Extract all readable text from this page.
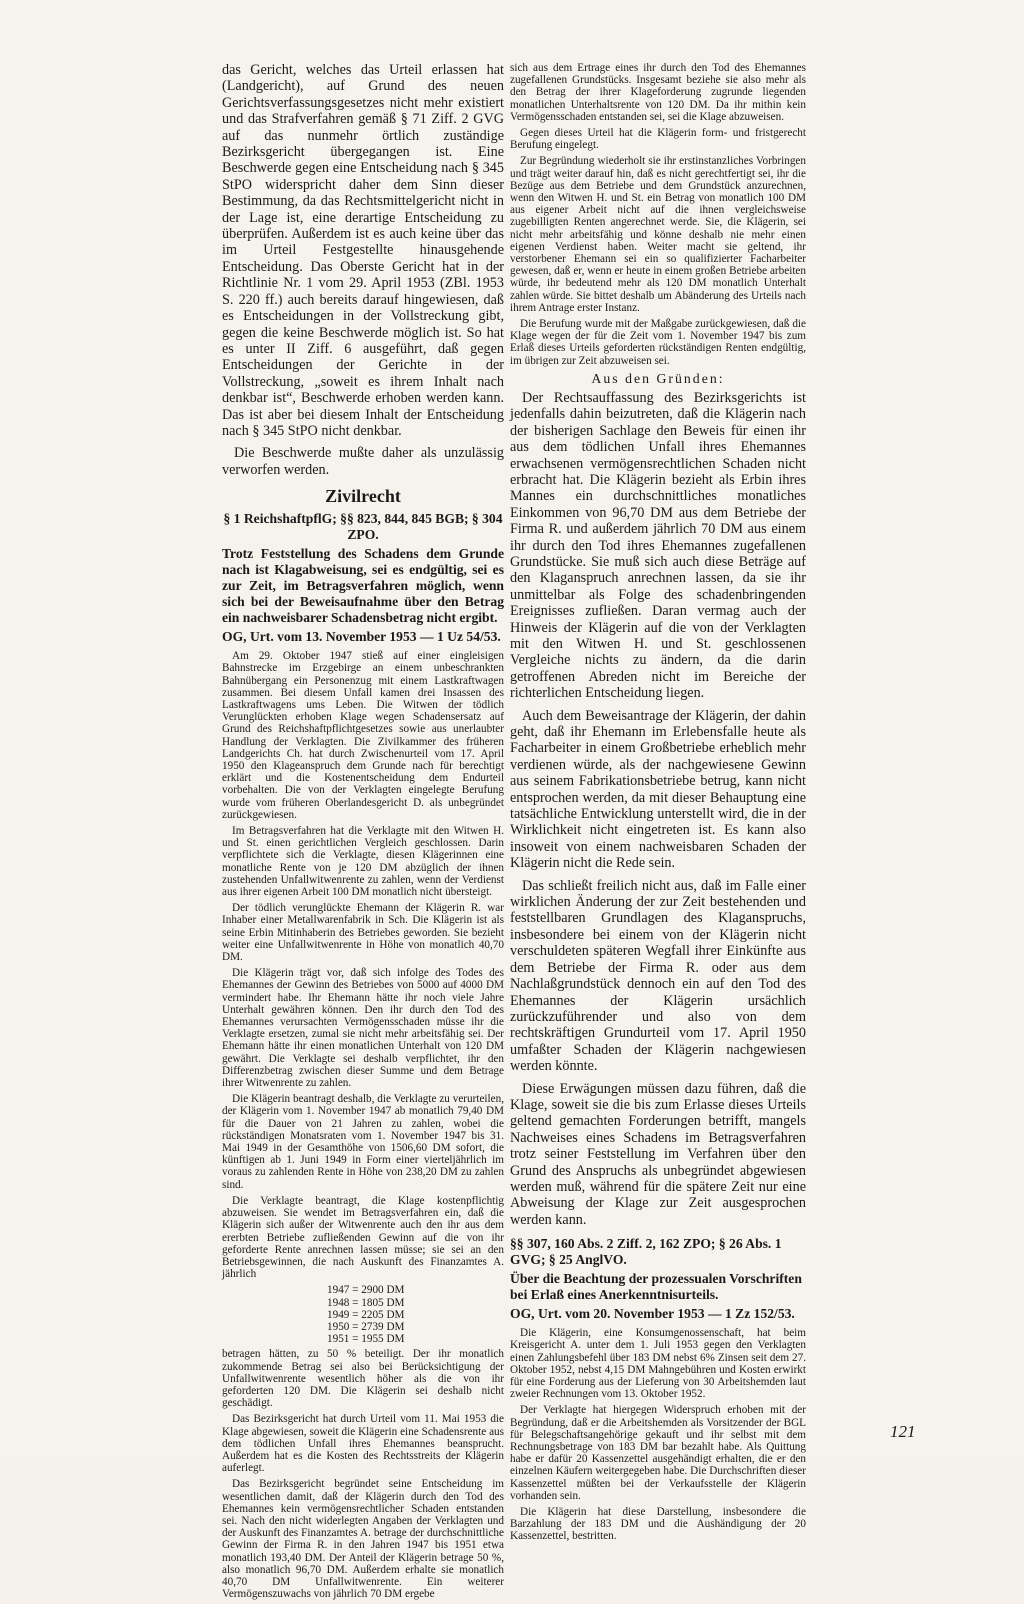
das Gericht, welches das Urteil erlassen hat (Landgericht), auf Grund des neuen Gerichtsverfassungsgesetzes nicht mehr existiert und das Strafverfahren gemäß § 71 Ziff. 2 GVG auf das nunmehr örtlich zuständige Bezirksgericht übergegangen ist. Eine Beschwerde gegen eine Entscheidung nach § 345 StPO widerspricht daher dem Sinn dieser Bestimmung, da das Rechtsmittelgericht nicht in der Lage ist, eine derartige Entscheidung zu überprüfen. Außerdem ist es auch keine über das im Urteil Festgestellte hinausgehende Entscheidung. Das Oberste Gericht hat in der Richtlinie Nr. 1 vom 29. April 1953 (ZBl. 1953 S. 220 ff.) auch bereits darauf hingewiesen, daß es Entscheidungen in der Vollstreckung gibt, gegen die keine Beschwerde möglich ist. So hat es unter II Ziff. 6 ausgeführt, daß gegen Entscheidungen der Gerichte in der Vollstreckung, „soweit es ihrem Inhalt nach denkbar ist“, Beschwerde erhoben werden kann. Das ist aber bei diesem Inhalt der Entscheidung nach § 345 StPO nicht denkbar.

Die Beschwerde mußte daher als unzulässig verworfen werden.

Zivilrecht
§ 1 ReichshaftpflG; §§ 823, 844, 845 BGB; § 304 ZPO.
Trotz Feststellung des Schadens dem Grunde nach ist Klagabweisung, sei es endgültig, sei es zur Zeit, im Betragsverfahren möglich, wenn sich bei der Beweisaufnahme über den Betrag ein nachweisbarer Schadensbetrag nicht ergibt.
OG, Urt. vom 13. November 1953 — 1 Uz 54/53.

Am 29. Oktober 1947 stieß auf einer eingleisigen Bahnstrecke im Erzgebirge an einem unbeschrankten Bahnübergang ein Personenzug mit einem Lastkraftwagen zusammen. Bei diesem Unfall kamen drei Insassen des Lastkraftwagens ums Leben. Die Witwen der tödlich Verunglückten erhoben Klage wegen Schadensersatz auf Grund des Reichshaftpflichtgesetzes sowie aus unerlaubter Handlung der Verklagten. Die Zivilkammer des früheren Landgerichts Ch. hat durch Zwischenurteil vom 17. April 1950 den Klageanspruch dem Grunde nach für berechtigt erklärt und die Kostenentscheidung dem Endurteil vorbehalten. Die von der Verklagten eingelegte Berufung wurde vom früheren Oberlandesgericht D. als unbegründet zurückgewiesen.

Im Betragsverfahren hat die Verklagte mit den Witwen H. und St. einen gerichtlichen Vergleich geschlossen. Darin verpflichtete sich die Verklagte, diesen Klägerinnen eine monatliche Rente von je 120 DM abzüglich der ihnen zustehenden Unfallwitwenrente zu zahlen, wenn der Verdienst aus ihrer eigenen Arbeit 100 DM monatlich nicht übersteigt.

Der tödlich verunglückte Ehemann der Klägerin R. war Inhaber einer Metallwarenfabrik in Sch. Die Klägerin ist als seine Erbin Mitinhaberin des Betriebes geworden. Sie bezieht weiter eine Unfallwitwenrente in Höhe von monatlich 40,70 DM.

Die Klägerin trägt vor, daß sich infolge des Todes des Ehemannes der Gewinn des Betriebes von 5000 auf 4000 DM vermindert habe. Ihr Ehemann hätte ihr noch viele Jahre Unterhalt gewähren können. Den ihr durch den Tod des Ehemannes verursachten Vermögensschaden müsse ihr die Verklagte ersetzen, zumal sie nicht mehr arbeitsfähig sei. Der Ehemann hätte ihr einen monatlichen Unterhalt von 120 DM gewährt. Die Verklagte sei deshalb verpflichtet, ihr den Differenzbetrag zwischen dieser Summe und dem Betrage ihrer Witwenrente zu zahlen.

Die Klägerin beantragt deshalb, die Verklagte zu verurteilen, der Klägerin vom 1. November 1947 ab monatlich 79,40 DM für die Dauer von 21 Jahren zu zahlen, wobei die rückständigen Monatsraten vom 1. November 1947 bis 31. Mai 1949 in der Gesamthöhe von 1506,60 DM sofort, die künftigen ab 1. Juni 1949 in Form einer vierteljährlich im voraus zu zahlenden Rente in Höhe von 238,20 DM zu zahlen sind.

Die Verklagte beantragt, die Klage kostenpflichtig abzuweisen. Sie wendet im Betragsverfahren ein, daß die Klägerin sich außer der Witwenrente auch den ihr aus dem ererbten Betriebe zufließenden Gewinn auf die von ihr geforderte Rente anrechnen lassen müsse; sie sei an den Betriebsgewinnen, die nach Auskunft des Finanzamtes A. jährlich

1947 = 2900 DM
1948 = 1805 DM
1949 = 2205 DM
1950 = 2739 DM
1951 = 1955 DM

betragen hätten, zu 50 % beteiligt. Der ihr monatlich zukommende Betrag sei also bei Berücksichtigung der Unfallwitwenrente wesentlich höher als die von ihr geforderten 120 DM. Die Klägerin sei deshalb nicht geschädigt.

Das Bezirksgericht hat durch Urteil vom 11. Mai 1953 die Klage abgewiesen, soweit die Klägerin eine Schadensrente aus dem tödlichen Unfall ihres Ehemannes beansprucht. Außerdem hat es die Kosten des Rechtsstreits der Klägerin auferlegt.

Das Bezirksgericht begründet seine Entscheidung im wesentlichen damit, daß der Klägerin durch den Tod des Ehemannes kein vermögensrechtlicher Schaden entstanden sei. Nach den nicht widerlegten Angaben der Verklagten und der Auskunft des Finanzamtes A. betrage der durchschnittliche Gewinn der Firma R. in den Jahren 1947 bis 1951 etwa monatlich 193,40 DM. Der Anteil der Klägerin betrage 50 %, also monatlich 96,70 DM. Außerdem erhalte sie monatlich 40,70 DM Unfallwitwenrente. Ein weiterer Vermögenszuwachs von jährlich 70 DM ergebe

sich aus dem Ertrage eines ihr durch den Tod des Ehemannes zugefallenen Grundstücks. Insgesamt beziehe sie also mehr als den Betrag der ihrer Klageforderung zugrunde liegenden monatlichen Unterhaltsrente von 120 DM. Da ihr mithin kein Vermögensschaden entstanden sei, sei die Klage abzuweisen.

Gegen dieses Urteil hat die Klägerin form- und fristgerecht Berufung eingelegt.

Zur Begründung wiederholt sie ihr erstinstanzliches Vorbringen und trägt weiter darauf hin, daß es nicht gerechtfertigt sei, ihr die Bezüge aus dem Betriebe und dem Grundstück anzurechnen, wenn den Witwen H. und St. ein Betrag von monatlich 100 DM aus eigener Arbeit nicht auf die ihnen vergleichsweise zugebilligten Renten angerechnet werde. Sie, die Klägerin, sei nicht mehr arbeitsfähig und könne deshalb nie mehr einen eigenen Verdienst haben. Weiter macht sie geltend, ihr verstorbener Ehemann sei ein so qualifizierter Facharbeiter gewesen, daß er, wenn er heute in einem großen Betriebe arbeiten würde, ihr bedeutend mehr als 120 DM monatlich Unterhalt zahlen würde. Sie bittet deshalb um Abänderung des Urteils nach ihrem Antrage erster Instanz.

Die Berufung wurde mit der Maßgabe zurückgewiesen, daß die Klage wegen der für die Zeit vom 1. November 1947 bis zum Erlaß dieses Urteils geforderten rückständigen Renten endgültig, im übrigen zur Zeit abzuweisen sei.

Aus den Gründen:

Der Rechtsauffassung des Bezirksgerichts ist jedenfalls dahin beizutreten, daß die Klägerin nach der bisherigen Sachlage den Beweis für einen ihr aus dem tödlichen Unfall ihres Ehemannes erwachsenen vermögensrechtlichen Schaden nicht erbracht hat. Die Klägerin bezieht als Erbin ihres Mannes ein durchschnittliches monatliches Einkommen von 96,70 DM aus dem Betriebe der Firma R. und außerdem jährlich 70 DM aus einem ihr durch den Tod ihres Ehemannes zugefallenen Grundstücke. Sie muß sich auch diese Beträge auf den Klaganspruch anrechnen lassen, da sie ihr unmittelbar als Folge des schadenbringenden Ereignisses zufließen. Daran vermag auch der Hinweis der Klägerin auf die von der Verklagten mit den Witwen H. und St. geschlossenen Vergleiche nichts zu ändern, da die darin getroffenen Abreden nicht im Bereiche der richterlichen Entscheidung liegen.

Auch dem Beweisantrage der Klägerin, der dahin geht, daß ihr Ehemann im Erlebensfalle heute als Facharbeiter in einem Großbetriebe erheblich mehr verdienen würde, als der nachgewiesene Gewinn aus seinem Fabrikationsbetriebe betrug, kann nicht entsprochen werden, da mit dieser Behauptung eine tatsächliche Entwicklung unterstellt wird, die in der Wirklichkeit nicht eingetreten ist. Es kann also insoweit von einem nachweisbaren Schaden der Klägerin nicht die Rede sein.

Das schließt freilich nicht aus, daß im Falle einer wirklichen Änderung der zur Zeit bestehenden und feststellbaren Grundlagen des Klaganspruchs, insbesondere bei einem von der Klägerin nicht verschuldeten späteren Wegfall ihrer Einkünfte aus dem Betriebe der Firma R. oder aus dem Nachlaßgrundstück dennoch ein auf den Tod des Ehemannes der Klägerin ursächlich zurückzuführender und also von dem rechtskräftigen Grundurteil vom 17. April 1950 umfaßter Schaden der Klägerin nachgewiesen werden könnte.

Diese Erwägungen müssen dazu führen, daß die Klage, soweit sie die bis zum Erlasse dieses Urteils geltend gemachten Forderungen betrifft, mangels Nachweises eines Schadens im Betragsverfahren trotz seiner Feststellung im Verfahren über den Grund des Anspruchs als unbegründet abgewiesen werden muß, während für die spätere Zeit nur eine Abweisung der Klage zur Zeit ausgesprochen werden kann.

§§ 307, 160 Abs. 2 Ziff. 2, 162 ZPO; § 26 Abs. 1 GVG; § 25 AnglVO.
Über die Beachtung der prozessualen Vorschriften bei Erlaß eines Anerkenntnisurteils.
OG, Urt. vom 20. November 1953 — 1 Zz 152/53.

Die Klägerin, eine Konsumgenossenschaft, hat beim Kreisgericht A. unter dem 1. Juli 1953 gegen den Verklagten einen Zahlungsbefehl über 183 DM nebst 6% Zinsen seit dem 27. Oktober 1952, nebst 4,15 DM Mahngebühren und Kosten erwirkt für eine Forderung aus der Lieferung von 30 Arbeitshemden laut zweier Rechnungen vom 13. Oktober 1952.

Der Verklagte hat hiergegen Widerspruch erhoben mit der Begründung, daß er die Arbeitshemden als Vorsitzender der BGL für Belegschaftsangehörige gekauft und ihr selbst mit dem Rechnungsbetrage von 183 DM bar bezahlt habe. Als Quittung habe er dafür 20 Kassenzettel ausgehändigt erhalten, die er den einzelnen Käufern weitergegeben habe. Die Durchschriften dieser Kassenzettel müßten bei der Verkaufsstelle der Klägerin vorhanden sein.

Die Klägerin hat diese Darstellung, insbesondere die Barzahlung der 183 DM und die Aushändigung der 20 Kassenzettel, bestritten.

121
